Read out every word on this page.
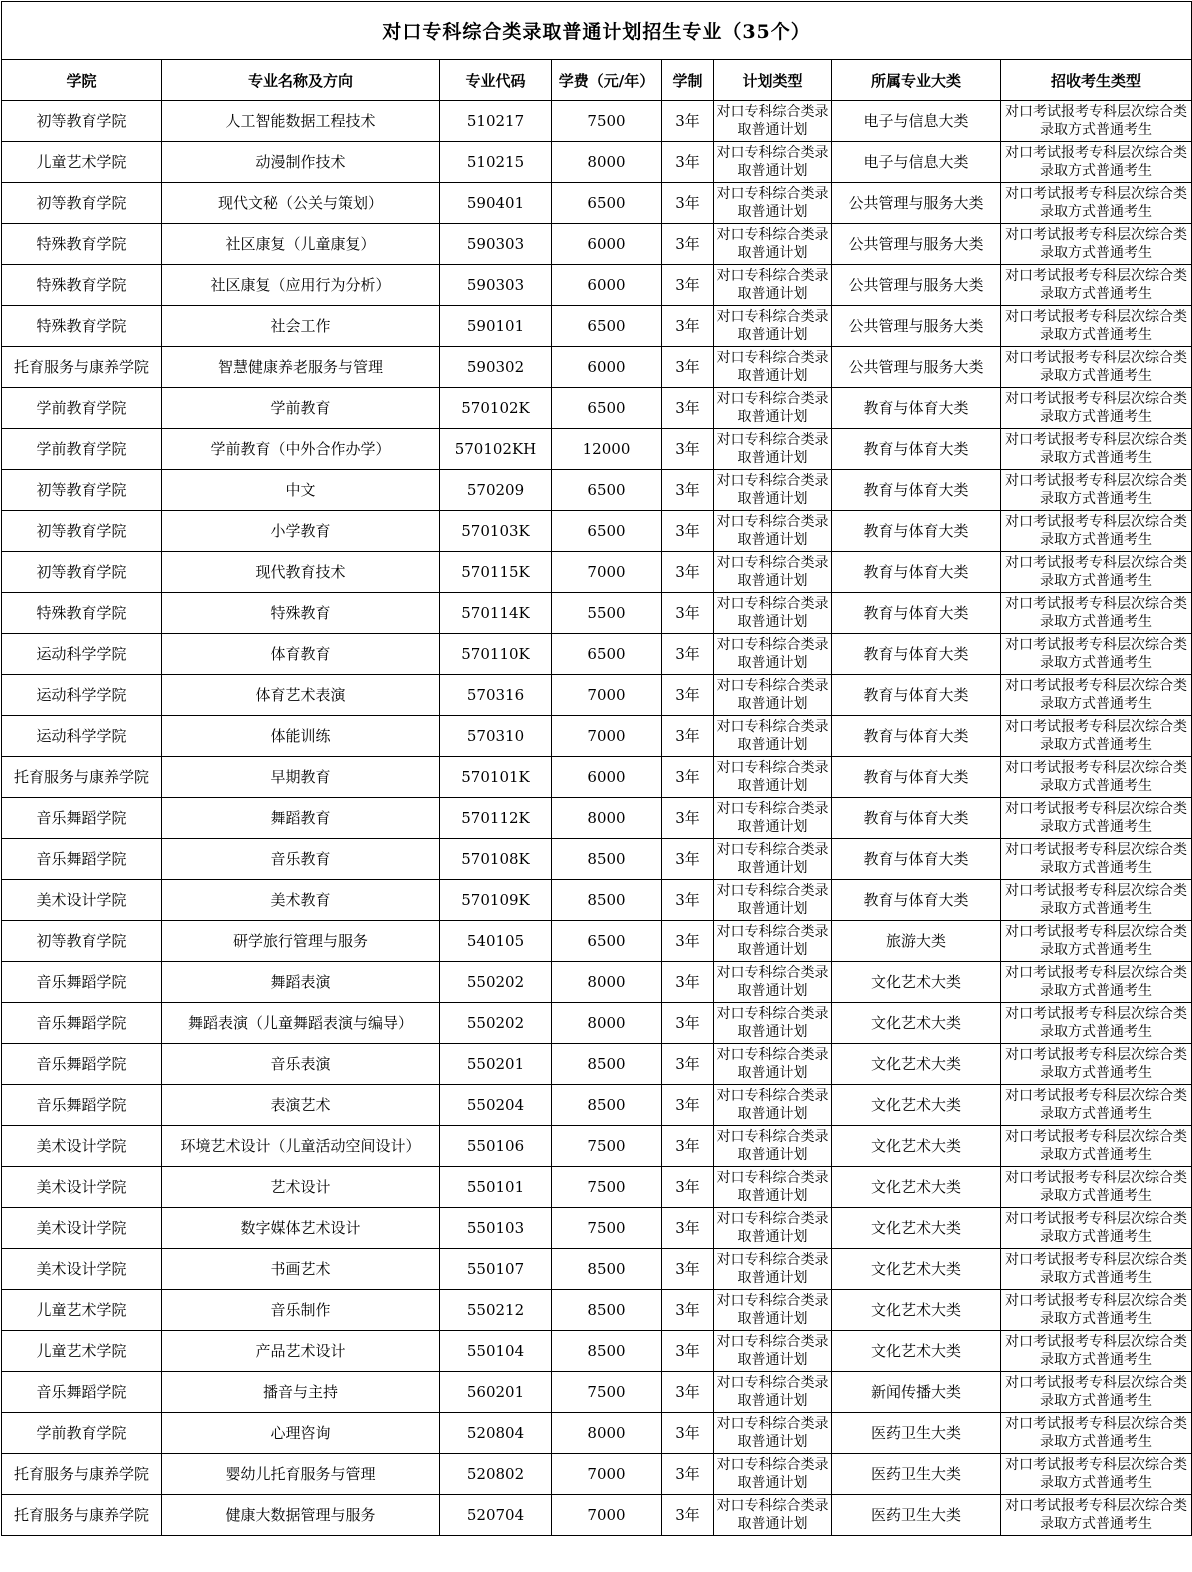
对口专科综合类录取普通计划招生专业（35个）							
学院	专业名称及方向	专业代码	学费（元/年）	学制	计划类型	所属专业大类	招收考生类型
初等教育学院	人工智能数据工程技术	510217	7500	3年	对口专科综合类录取普通计划	电子与信息大类	对口考试报考专科层次综合类录取方式普通考生
儿童艺术学院	动漫制作技术	510215	8000	3年	对口专科综合类录取普通计划	电子与信息大类	对口考试报考专科层次综合类录取方式普通考生
初等教育学院	现代文秘（公关与策划）	590401	6500	3年	对口专科综合类录取普通计划	公共管理与服务大类	对口考试报考专科层次综合类录取方式普通考生
特殊教育学院	社区康复（儿童康复）	590303	6000	3年	对口专科综合类录取普通计划	公共管理与服务大类	对口考试报考专科层次综合类录取方式普通考生
特殊教育学院	社区康复（应用行为分析）	590303	6000	3年	对口专科综合类录取普通计划	公共管理与服务大类	对口考试报考专科层次综合类录取方式普通考生
特殊教育学院	社会工作	590101	6500	3年	对口专科综合类录取普通计划	公共管理与服务大类	对口考试报考专科层次综合类录取方式普通考生
托育服务与康养学院	智慧健康养老服务与管理	590302	6000	3年	对口专科综合类录取普通计划	公共管理与服务大类	对口考试报考专科层次综合类录取方式普通考生
学前教育学院	学前教育	570102K	6500	3年	对口专科综合类录取普通计划	教育与体育大类	对口考试报考专科层次综合类录取方式普通考生
学前教育学院	学前教育（中外合作办学）	570102KH	12000	3年	对口专科综合类录取普通计划	教育与体育大类	对口考试报考专科层次综合类录取方式普通考生
初等教育学院	中文	570209	6500	3年	对口专科综合类录取普通计划	教育与体育大类	对口考试报考专科层次综合类录取方式普通考生
初等教育学院	小学教育	570103K	6500	3年	对口专科综合类录取普通计划	教育与体育大类	对口考试报考专科层次综合类录取方式普通考生
初等教育学院	现代教育技术	570115K	7000	3年	对口专科综合类录取普通计划	教育与体育大类	对口考试报考专科层次综合类录取方式普通考生
特殊教育学院	特殊教育	570114K	5500	3年	对口专科综合类录取普通计划	教育与体育大类	对口考试报考专科层次综合类录取方式普通考生
运动科学学院	体育教育	570110K	6500	3年	对口专科综合类录取普通计划	教育与体育大类	对口考试报考专科层次综合类录取方式普通考生
运动科学学院	体育艺术表演	570316	7000	3年	对口专科综合类录取普通计划	教育与体育大类	对口考试报考专科层次综合类录取方式普通考生
运动科学学院	体能训练	570310	7000	3年	对口专科综合类录取普通计划	教育与体育大类	对口考试报考专科层次综合类录取方式普通考生
托育服务与康养学院	早期教育	570101K	6000	3年	对口专科综合类录取普通计划	教育与体育大类	对口考试报考专科层次综合类录取方式普通考生
音乐舞蹈学院	舞蹈教育	570112K	8000	3年	对口专科综合类录取普通计划	教育与体育大类	对口考试报考专科层次综合类录取方式普通考生
音乐舞蹈学院	音乐教育	570108K	8500	3年	对口专科综合类录取普通计划	教育与体育大类	对口考试报考专科层次综合类录取方式普通考生
美术设计学院	美术教育	570109K	8500	3年	对口专科综合类录取普通计划	教育与体育大类	对口考试报考专科层次综合类录取方式普通考生
初等教育学院	研学旅行管理与服务	540105	6500	3年	对口专科综合类录取普通计划	旅游大类	对口考试报考专科层次综合类录取方式普通考生
音乐舞蹈学院	舞蹈表演	550202	8000	3年	对口专科综合类录取普通计划	文化艺术大类	对口考试报考专科层次综合类录取方式普通考生
音乐舞蹈学院	舞蹈表演（儿童舞蹈表演与编导）	550202	8000	3年	对口专科综合类录取普通计划	文化艺术大类	对口考试报考专科层次综合类录取方式普通考生
音乐舞蹈学院	音乐表演	550201	8500	3年	对口专科综合类录取普通计划	文化艺术大类	对口考试报考专科层次综合类录取方式普通考生
音乐舞蹈学院	表演艺术	550204	8500	3年	对口专科综合类录取普通计划	文化艺术大类	对口考试报考专科层次综合类录取方式普通考生
美术设计学院	环境艺术设计（儿童活动空间设计）	550106	7500	3年	对口专科综合类录取普通计划	文化艺术大类	对口考试报考专科层次综合类录取方式普通考生
美术设计学院	艺术设计	550101	7500	3年	对口专科综合类录取普通计划	文化艺术大类	对口考试报考专科层次综合类录取方式普通考生
美术设计学院	数字媒体艺术设计	550103	7500	3年	对口专科综合类录取普通计划	文化艺术大类	对口考试报考专科层次综合类录取方式普通考生
美术设计学院	书画艺术	550107	8500	3年	对口专科综合类录取普通计划	文化艺术大类	对口考试报考专科层次综合类录取方式普通考生
儿童艺术学院	音乐制作	550212	8500	3年	对口专科综合类录取普通计划	文化艺术大类	对口考试报考专科层次综合类录取方式普通考生
儿童艺术学院	产品艺术设计	550104	8500	3年	对口专科综合类录取普通计划	文化艺术大类	对口考试报考专科层次综合类录取方式普通考生
音乐舞蹈学院	播音与主持	560201	7500	3年	对口专科综合类录取普通计划	新闻传播大类	对口考试报考专科层次综合类录取方式普通考生
学前教育学院	心理咨询	520804	8000	3年	对口专科综合类录取普通计划	医药卫生大类	对口考试报考专科层次综合类录取方式普通考生
托育服务与康养学院	婴幼儿托育服务与管理	520802	7000	3年	对口专科综合类录取普通计划	医药卫生大类	对口考试报考专科层次综合类录取方式普通考生
托育服务与康养学院	健康大数据管理与服务	520704	7000	3年	对口专科综合类录取普通计划	医药卫生大类	对口考试报考专科层次综合类录取方式普通考生
